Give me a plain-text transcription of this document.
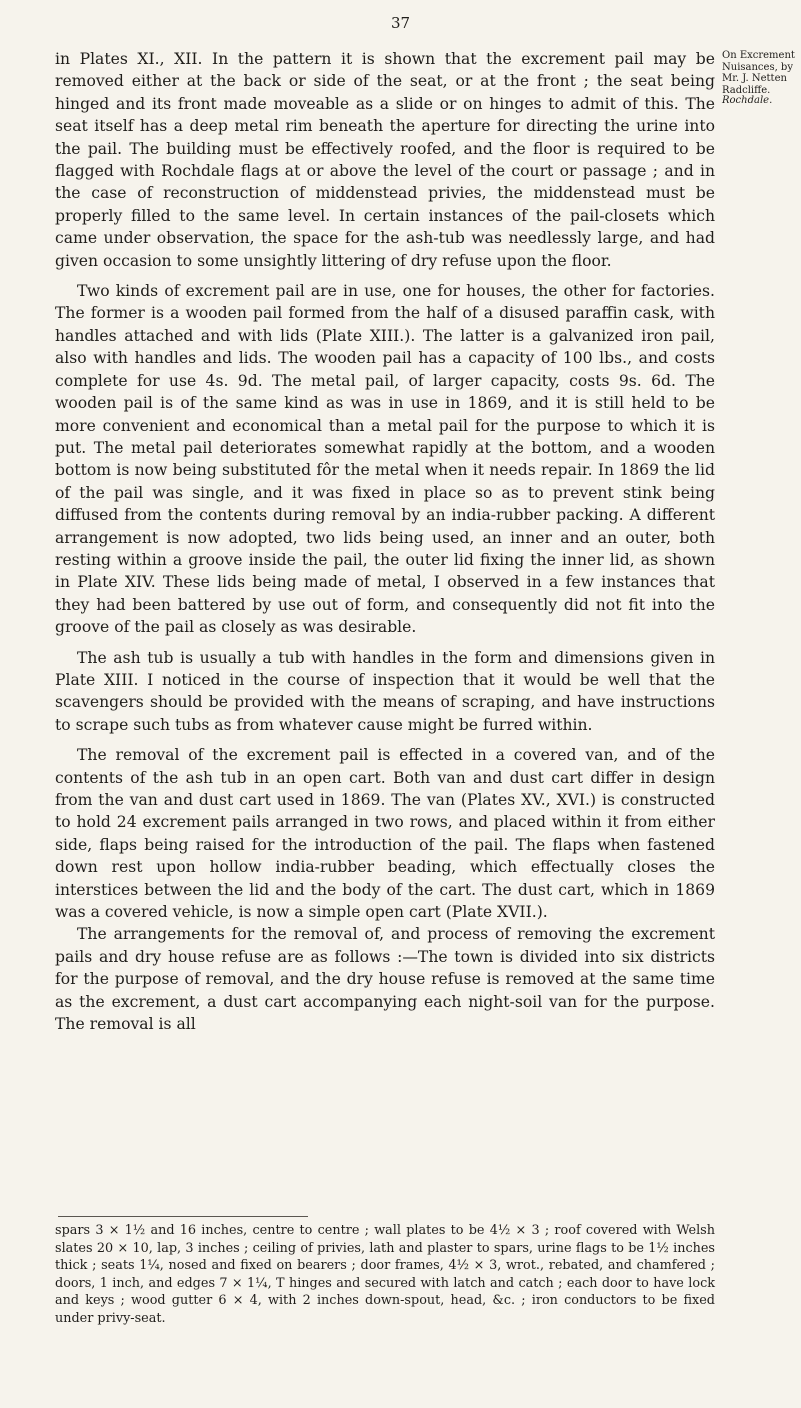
37
On Excrement Nuisances, by Mr. J. Netten Radcliffe.
Rochdale.

in Plates XI., XII. In the pattern it is shown that the excrement pail may be removed either at the back or side of the seat, or at the front ; the seat being hinged and its front made moveable as a slide or on hinges to admit of this. The seat itself has a deep metal rim beneath the aperture for directing the urine into the pail. The building must be effectively roofed, and the floor is required to be flagged with Rochdale flags at or above the level of the court or passage ; and in the case of reconstruction of middenstead privies, the middenstead must be properly filled to the same level. In certain instances of the pail-closets which came under observation, the space for the ash-tub was needlessly large, and had given occasion to some unsightly littering of dry refuse upon the floor.

Two kinds of excrement pail are in use, one for houses, the other for factories. The former is a wooden pail formed from the half of a disused paraffin cask, with handles attached and with lids (Plate XIII.). The latter is a galvanized iron pail, also with handles and lids. The wooden pail has a capacity of 100 lbs., and costs complete for use 4s. 9d. The metal pail, of larger capacity, costs 9s. 6d. The wooden pail is of the same kind as was in use in 1869, and it is still held to be more convenient and economical than a metal pail for the purpose to which it is put. The metal pail deteriorates somewhat rapidly at the bottom, and a wooden bottom is now being substituted fôr the metal when it needs repair. In 1869 the lid of the pail was single, and it was fixed in place so as to prevent stink being diffused from the contents during removal by an india-rubber packing. A different arrangement is now adopted, two lids being used, an inner and an outer, both resting within a groove inside the pail, the outer lid fixing the inner lid, as shown in Plate XIV. These lids being made of metal, I observed in a few instances that they had been battered by use out of form, and consequently did not fit into the groove of the pail as closely as was desirable.

The ash tub is usually a tub with handles in the form and dimensions given in Plate XIII. I noticed in the course of inspection that it would be well that the scavengers should be provided with the means of scraping, and have instructions to scrape such tubs as from whatever cause might be furred within.

The removal of the excrement pail is effected in a covered van, and of the contents of the ash tub in an open cart. Both van and dust cart differ in design from the van and dust cart used in 1869. The van (Plates XV., XVI.) is constructed to hold 24 excrement pails arranged in two rows, and placed within it from either side, flaps being raised for the introduction of the pail. The flaps when fastened down rest upon hollow india-rubber beading, which effectually closes the interstices between the lid and the body of the cart. The dust cart, which in 1869 was a covered vehicle, is now a simple open cart (Plate XVII.).

The arrangements for the removal of, and process of removing the excrement pails and dry house refuse are as follows :—The town is divided into six districts for the purpose of removal, and the dry house refuse is removed at the same time as the excrement, a dust cart accompanying each night-soil van for the purpose. The removal is all

spars 3 × 1½ and 16 inches, centre to centre ; wall plates to be 4½ × 3 ; roof covered with Welsh slates 20 × 10, lap, 3 inches ; ceiling of privies, lath and plaster to spars, urine flags to be 1½ inches thick ; seats 1¼, nosed and fixed on bearers ; door frames, 4½ × 3, wrot., rebated, and chamfered ; doors, 1 inch, and edges 7 × 1¼, T hinges and secured with latch and catch ; each door to have lock and keys ; wood gutter 6 × 4, with 2 inches down-spout, head, &c. ; iron conductors to be fixed under privy-seat.
